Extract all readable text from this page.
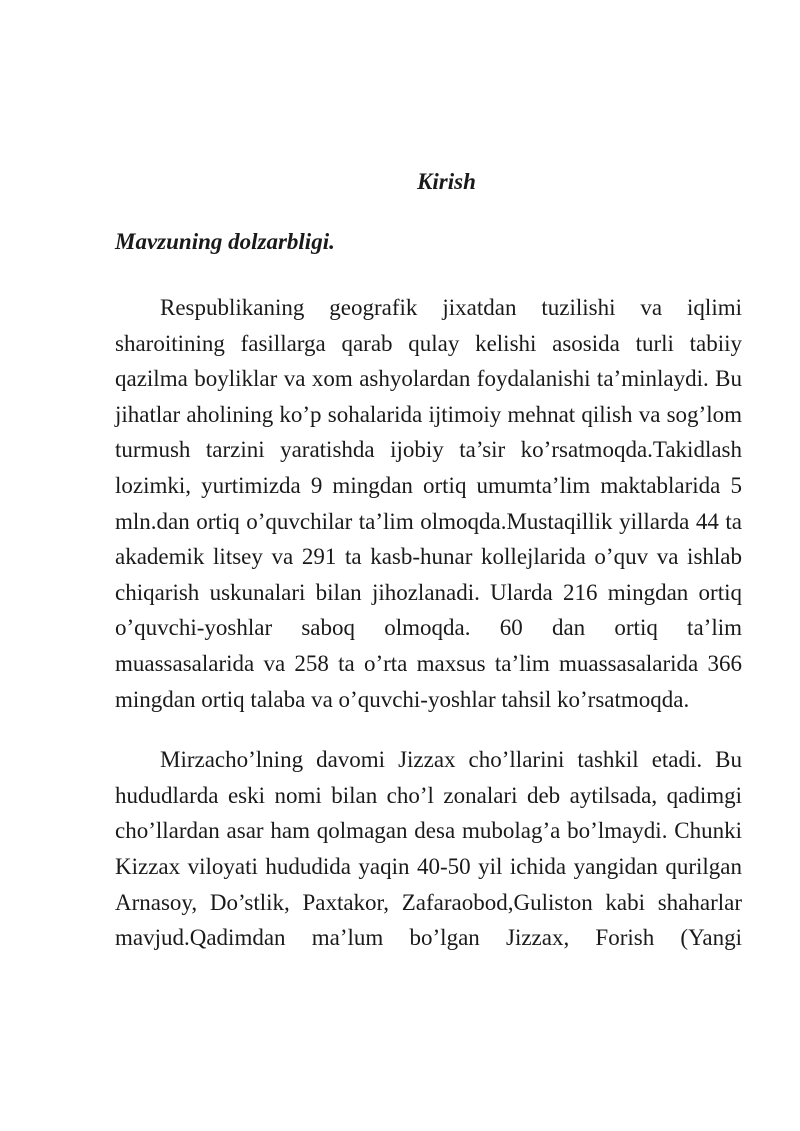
Kirish

Mavzuning dolzarbligi.

Respublikaning geografik jixatdan tuzilishi va iqlimi sharoitining fasillarga qarab qulay kelishi asosida turli tabiiy qazilma boyliklar va xom ashyolardan foydalanishi ta’minlaydi. Bu jihatlar aholining ko’p sohalarida ijtimoiy mehnat qilish va sog’lom turmush tarzini yaratishda ijobiy ta’sir ko’rsatmoqda.Takidlash lozimki, yurtimizda 9 mingdan ortiq umumta’lim maktablarida 5 mln.dan ortiq o’quvchilar ta’lim olmoqda.Mustaqillik yillarda 44 ta akademik litsey va 291 ta kasb-hunar kollejlarida o’quv va ishlab chiqarish uskunalari bilan jihozlanadi. Ularda 216 mingdan ortiq o’quvchi-yoshlar saboq olmoqda. 60 dan ortiq ta’lim muassasalarida va 258 ta o’rta maxsus ta’lim muassasalarida 366 mingdan ortiq talaba va o’quvchi-yoshlar tahsil ko’rsatmoqda.

Mirzacho’lning davomi Jizzax cho’llarini tashkil etadi. Bu hududlarda eski nomi bilan cho’l zonalari deb aytilsada, qadimgi cho’llardan asar ham qolmagan desa mubolag’a bo’lmaydi. Chunki Kizzax viloyati hududida yaqin 40-50 yil ichida yangidan qurilgan Arnasoy, Do’stlik, Paxtakor, Zafaraobod,Guliston kabi shaharlar mavjud.Qadimdan ma’lum bo’lgan Jizzax, Forish (Yangi
